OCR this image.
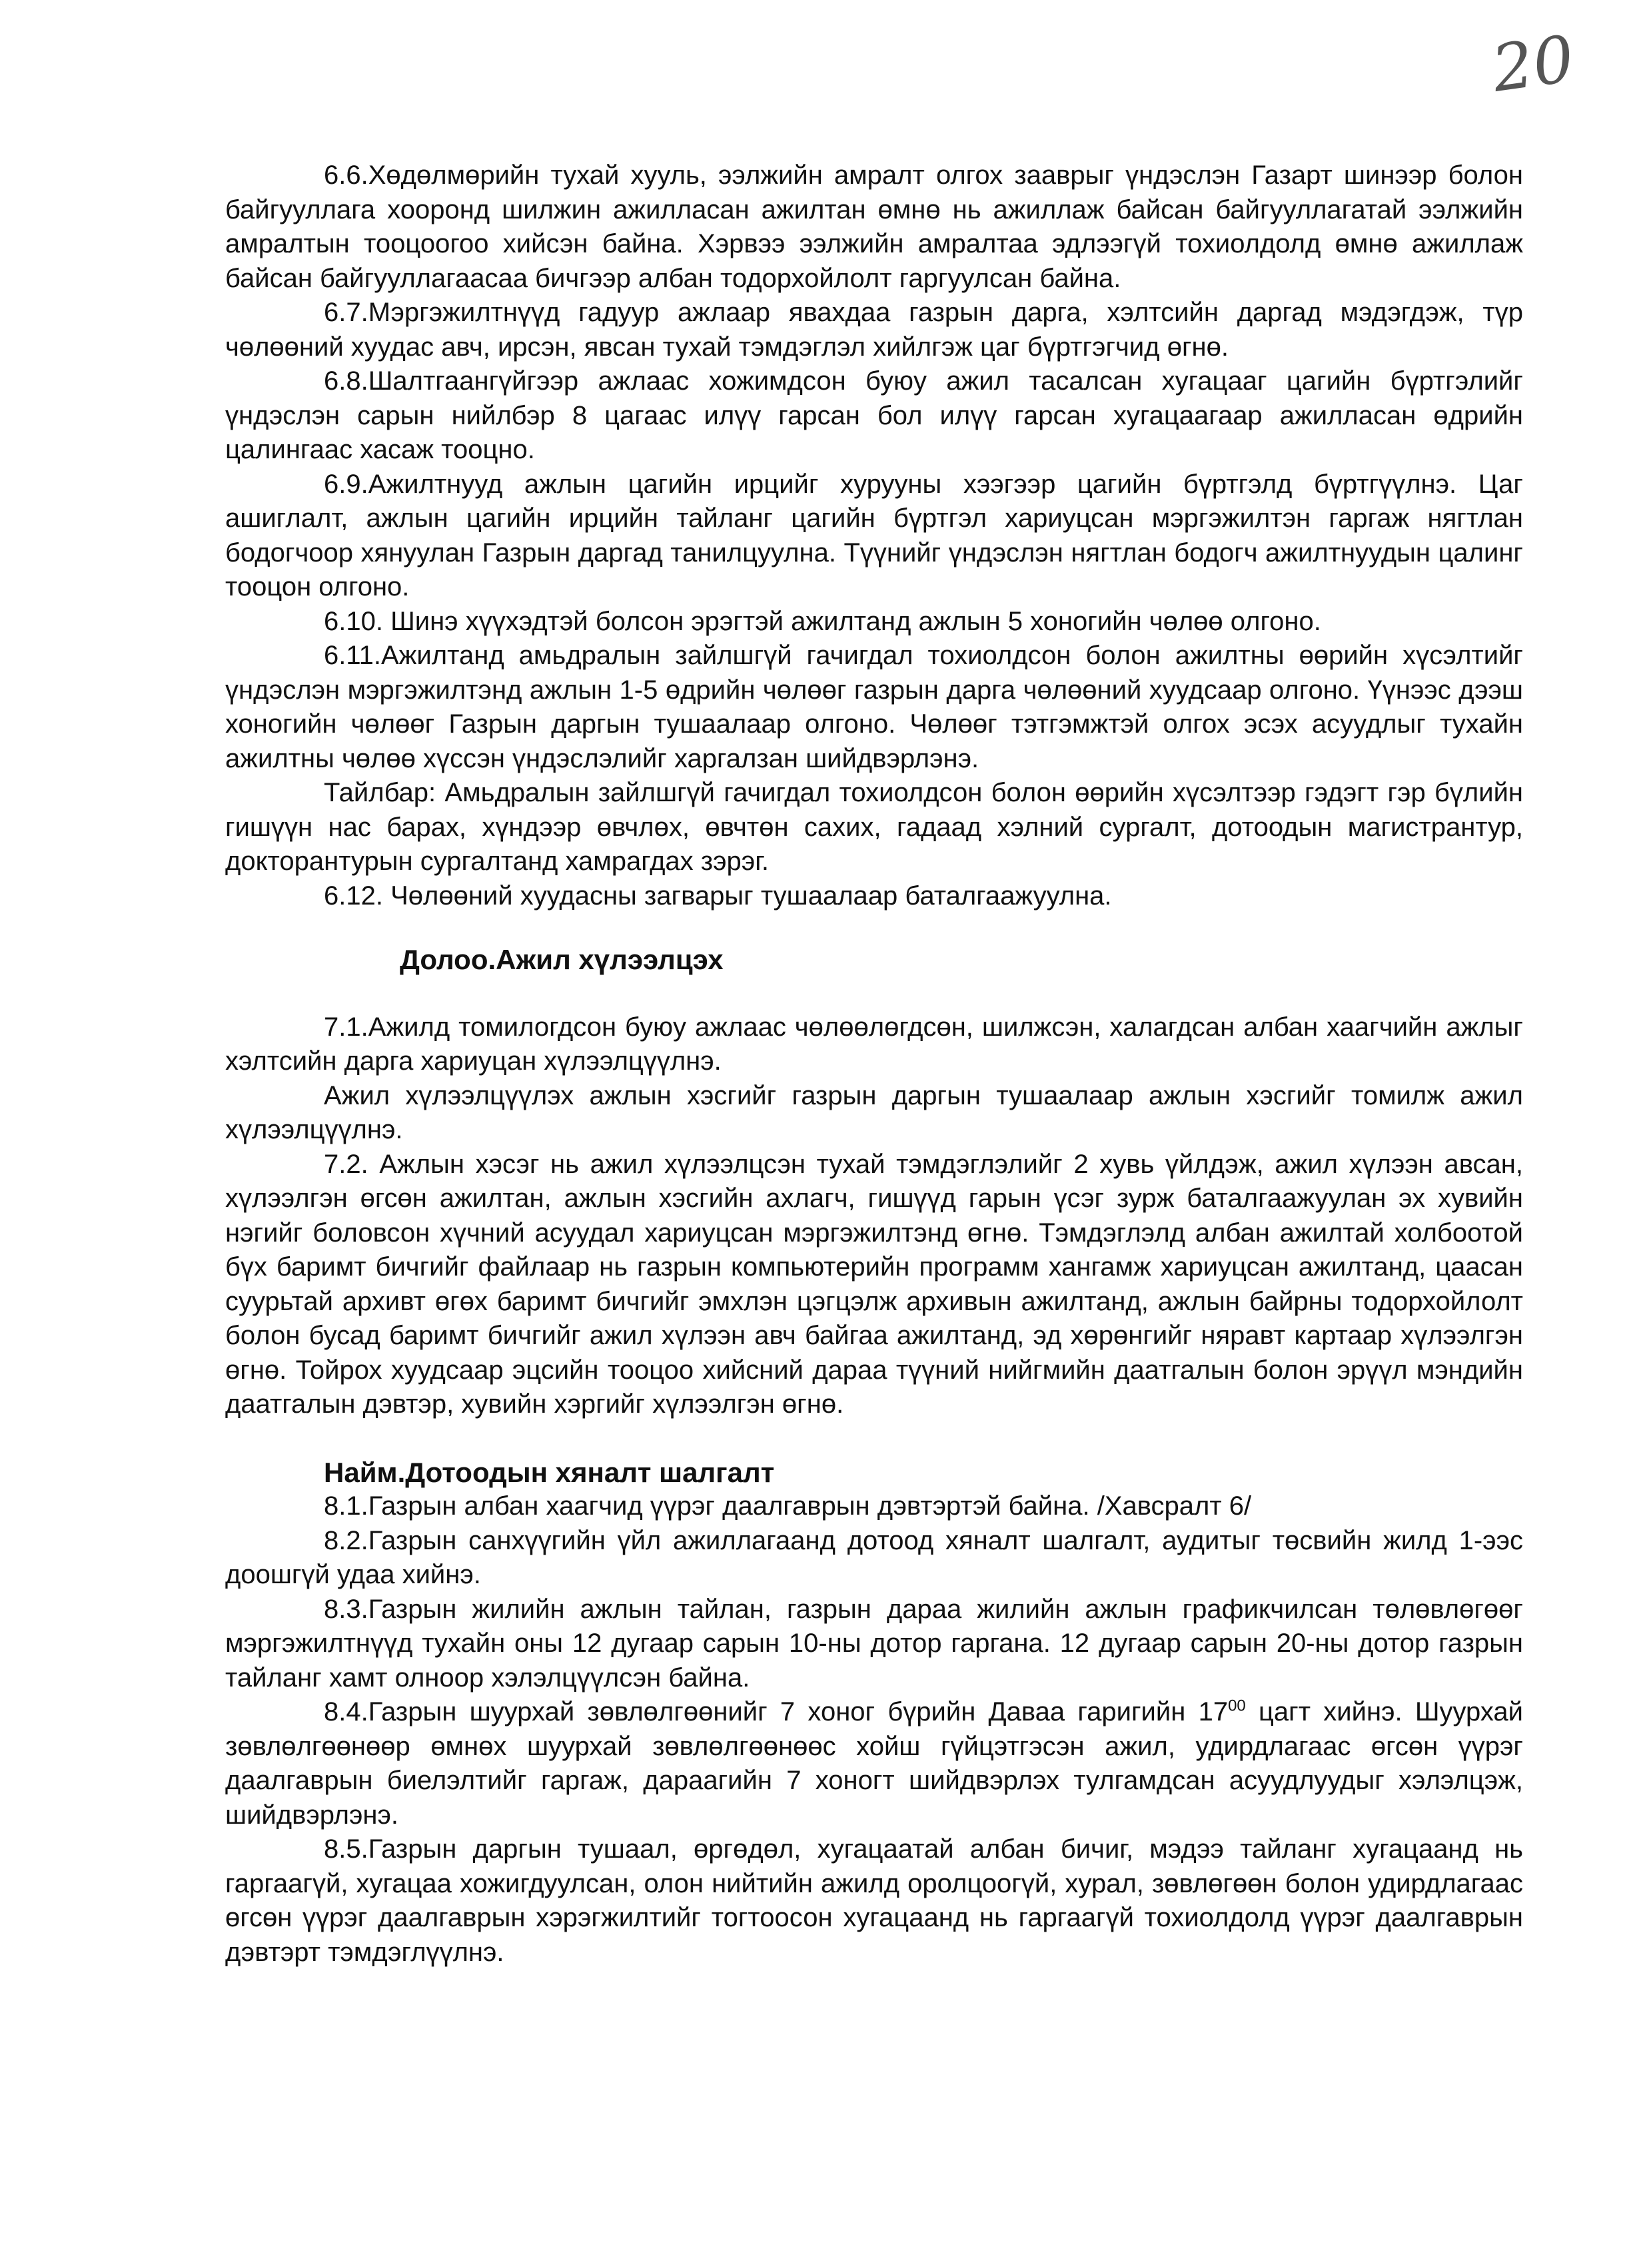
20

6.6.Хөдөлмөрийн тухай хууль, ээлжийн амралт олгох зааврыг үндэслэн Газарт шинээр болон байгууллага хооронд шилжин ажилласан ажилтан өмнө нь ажиллаж байсан байгууллагатай ээлжийн амралтын тооцоогоо хийсэн байна. Хэрвээ ээлжийн амралтаа эдлээгүй тохиолдолд өмнө ажиллаж байсан байгууллагаасаа бичгээр албан тодорхойлолт гаргуулсан байна.

6.7.Мэргэжилтнүүд гадуур ажлаар явахдаа газрын дарга, хэлтсийн даргад мэдэгдэж, түр чөлөөний хуудас авч, ирсэн, явсан тухай тэмдэглэл хийлгэж цаг бүртгэгчид өгнө.

6.8.Шалтгаангүйгээр ажлаас хожимдсон буюу ажил тасалсан хугацааг цагийн бүртгэлийг үндэслэн сарын нийлбэр 8 цагаас илүү гарсан бол илүү гарсан хугацаагаар ажилласан өдрийн цалингаас хасаж тооцно.

6.9.Ажилтнууд ажлын цагийн ирцийг хурууны хээгээр цагийн бүртгэлд бүртгүүлнэ. Цаг ашиглалт, ажлын цагийн ирцийн тайланг цагийн бүртгэл хариуцсан мэргэжилтэн гаргаж нягтлан бодогчоор хянуулан Газрын даргад танилцуулна. Түүнийг үндэслэн нягтлан бодогч ажилтнуудын цалинг тооцон олгоно.

6.10. Шинэ хүүхэдтэй болсон эрэгтэй ажилтанд ажлын 5 хоногийн чөлөө олгоно.

6.11.Ажилтанд амьдралын зайлшгүй гачигдал тохиолдсон болон ажилтны өөрийн хүсэлтийг үндэслэн мэргэжилтэнд ажлын 1-5 өдрийн чөлөөг газрын дарга чөлөөний хуудсаар олгоно. Үүнээс дээш хоногийн чөлөөг Газрын даргын тушаалаар олгоно. Чөлөөг тэтгэмжтэй олгох эсэх асуудлыг тухайн ажилтны чөлөө хүссэн үндэслэлийг харгалзан шийдвэрлэнэ.

Тайлбар: Амьдралын зайлшгүй гачигдал тохиолдсон болон өөрийн хүсэлтээр гэдэгт гэр бүлийн гишүүн нас барах, хүндээр өвчлөх, өвчтөн сахих, гадаад хэлний сургалт, дотоодын магистрантур, докторантурын сургалтанд хамрагдах зэрэг.

6.12. Чөлөөний хуудасны загварыг тушаалаар баталгаажуулна.

Долоо.Ажил хүлээлцэх

7.1.Ажилд томилогдсон буюу ажлаас чөлөөлөгдсөн, шилжсэн, халагдсан албан хаагчийн ажлыг хэлтсийн дарга хариуцан хүлээлцүүлнэ.

Ажил хүлээлцүүлэх ажлын хэсгийг газрын даргын тушаалаар ажлын хэсгийг томилж ажил хүлээлцүүлнэ.

7.2. Ажлын хэсэг нь ажил хүлээлцсэн тухай тэмдэглэлийг 2 хувь үйлдэж, ажил хүлээн авсан, хүлээлгэн өгсөн ажилтан, ажлын хэсгийн ахлагч, гишүүд гарын үсэг зурж баталгаажуулан эх хувийн нэгийг боловсон хүчний асуудал хариуцсан мэргэжилтэнд өгнө. Тэмдэглэлд албан ажилтай холбоотой бүх баримт бичгийг файлаар нь газрын компьютерийн программ хангамж хариуцсан ажилтанд, цаасан суурьтай архивт өгөх баримт бичгийг эмхлэн цэгцэлж архивын ажилтанд, ажлын байрны тодорхойлолт болон бусад баримт бичгийг ажил хүлээн авч байгаа ажилтанд, эд хөрөнгийг няравт картаар хүлээлгэн өгнө. Тойрох хуудсаар эцсийн тооцоо хийсний дараа түүний нийгмийн даатгалын болон эрүүл мэндийн даатгалын дэвтэр, хувийн хэргийг хүлээлгэн өгнө.

Найм.Дотоодын хяналт шалгалт

8.1.Газрын албан хаагчид үүрэг даалгаврын дэвтэртэй байна. /Хавсралт 6/

8.2.Газрын санхүүгийн үйл ажиллагаанд дотоод хяналт шалгалт, аудитыг төсвийн жилд 1-ээс доошгүй удаа хийнэ.

8.3.Газрын жилийн ажлын тайлан, газрын дараа жилийн ажлын графикчилсан төлөвлөгөөг мэргэжилтнүүд тухайн оны 12 дугаар сарын 10-ны дотор гаргана. 12 дугаар сарын 20-ны дотор газрын тайланг хамт олноор хэлэлцүүлсэн байна.

8.4.Газрын шуурхай зөвлөлгөөнийг 7 хоног бүрийн Даваа гаригийн $17^{00}$ цагт хийнэ. Шуурхай зөвлөлгөөнөөр өмнөх шуурхай зөвлөлгөөнөөс хойш гүйцэтгэсэн ажил, удирдлагаас өгсөн үүрэг даалгаврын биелэлтийг гаргаж, дараагийн 7 хоногт шийдвэрлэх тулгамдсан асуудлуудыг хэлэлцэж, шийдвэрлэнэ.

8.5.Газрын даргын тушаал, өргөдөл, хугацаатай албан бичиг, мэдээ тайланг хугацаанд нь гаргаагүй, хугацаа хожигдуулсан, олон нийтийн ажилд оролцоогүй, хурал, зөвлөгөөн болон удирдлагаас өгсөн үүрэг даалгаврын хэрэгжилтийг тогтоосон хугацаанд нь гаргаагүй тохиолдолд үүрэг даалгаврын дэвтэрт тэмдэглүүлнэ.
